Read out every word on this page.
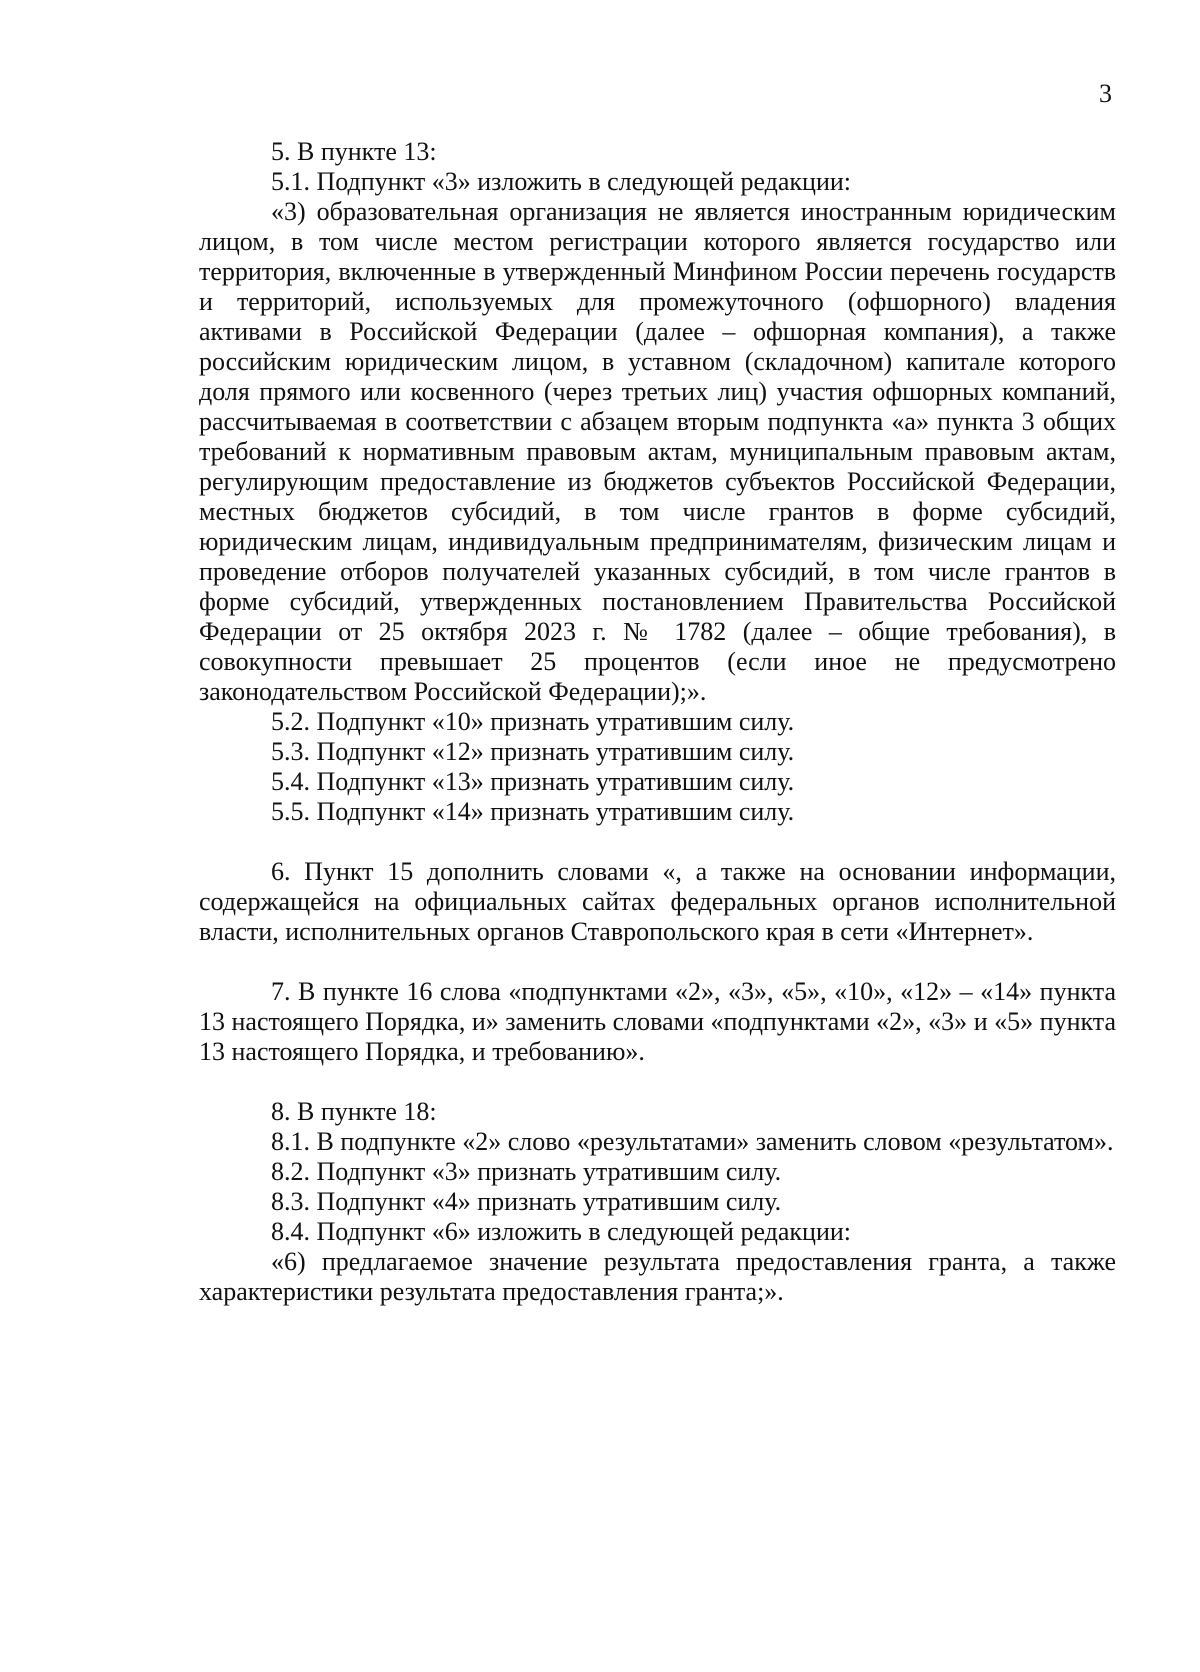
3

5. В пункте 13:

5.1. Подпункт «3» изложить в следующей редакции:

«3) образовательная организация не является иностранным юридическим лицом, в том числе местом регистрации которого является государство или территория, включенные в утвержденный Минфином России перечень государств и территорий, используемых для промежуточного (офшорного) владения активами в Российской Федерации (далее – офшорная компания), а также российским юридическим лицом, в уставном (складочном) капитале которого доля прямого или косвенного (через третьих лиц) участия офшорных компаний, рассчитываемая в соответствии с абзацем вторым подпункта «а» пункта 3 общих требований к нормативным правовым актам, муниципальным правовым актам, регулирующим предоставление из бюджетов субъектов Российской Федерации, местных бюджетов субсидий, в том числе грантов в форме субсидий, юридическим лицам, индивидуальным предпринимателям, физическим лицам и проведение отборов получателей указанных субсидий, в том числе грантов в форме субсидий, утвержденных постановлением Правительства Российской Федерации от 25 октября 2023 г. № 1782 (далее – общие требования), в совокупности превышает 25 процентов (если иное не предусмотрено законодательством Российской Федерации);».

5.2. Подпункт «10» признать утратившим силу.

5.3. Подпункт «12» признать утратившим силу.

5.4. Подпункт «13» признать утратившим силу.

5.5. Подпункт «14» признать утратившим силу.

6. Пункт 15 дополнить словами «, а также на основании информации, содержащейся на официальных сайтах федеральных органов исполнительной власти, исполнительных органов Ставропольского края в сети «Интернет».

7. В пункте 16 слова «подпунктами «2», «3», «5», «10», «12» – «14» пункта 13 настоящего Порядка, и» заменить словами «подпунктами «2», «3» и «5» пункта 13 настоящего Порядка, и требованию».

8. В пункте 18:

8.1. В подпункте «2» слово «результатами» заменить словом «результатом».

8.2. Подпункт «3» признать утратившим силу.

8.3. Подпункт «4» признать утратившим силу.

8.4. Подпункт «6» изложить в следующей редакции:

«6) предлагаемое значение результата предоставления гранта, а также характеристики результата предоставления гранта;».
